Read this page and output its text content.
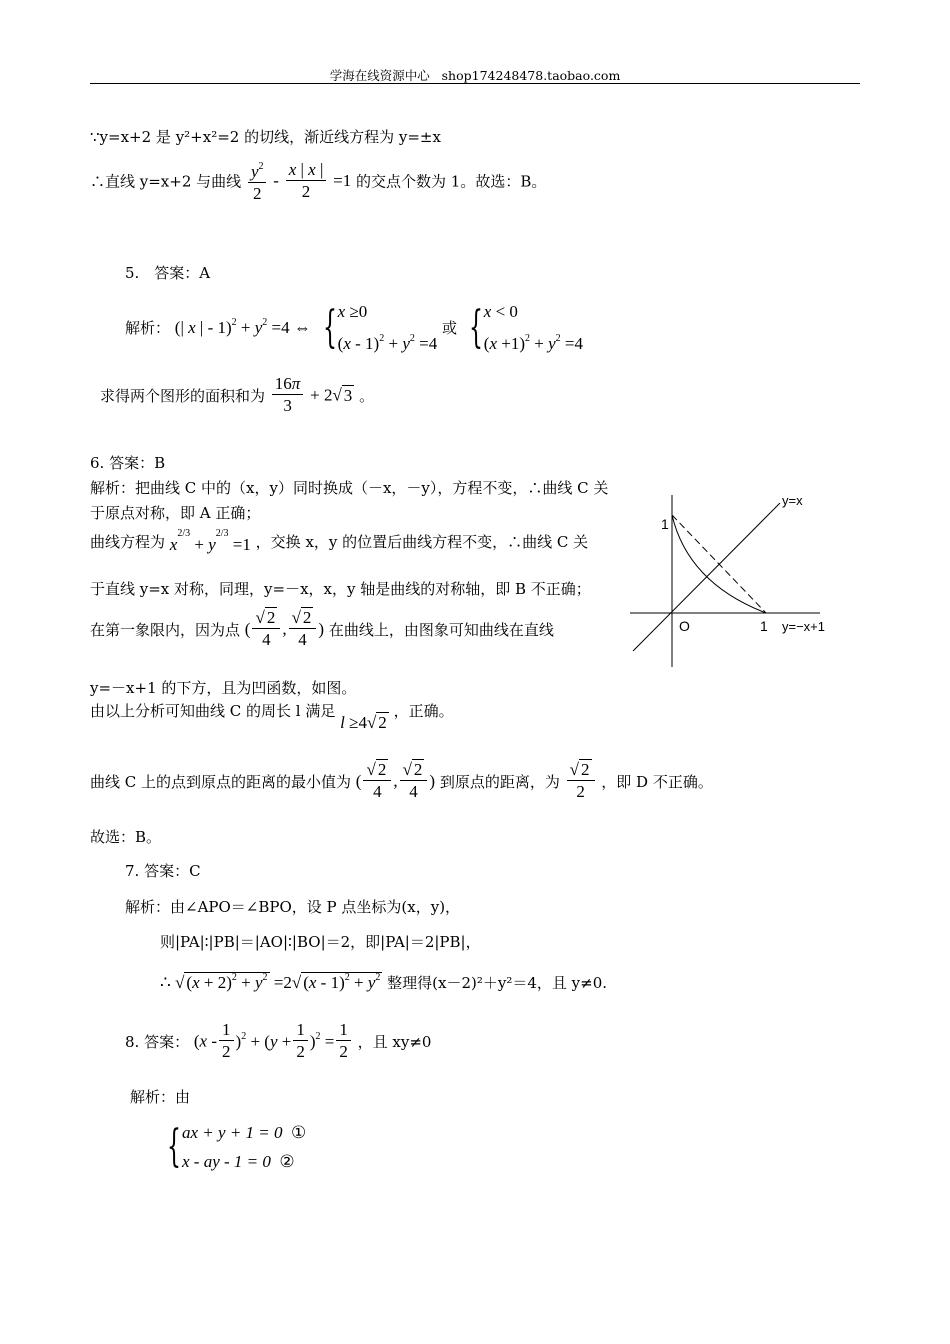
学海在线资源中心 shop174248478.taobao.com
∵y=x+2 是 y²+x²=2 的切线，渐近线方程为 y=±x
∴直线 y=x+2 与曲线 $\frac{y^2}{2} - \frac{x | x |}{2} =1$ 的交点个数为 1。故选：B。
5.　答案：A
解析： (| x | - $1)^2 + y^2 =4$ ⇔ {x ≥0
$(x - 1)^2 + y^2 =4$ 或 {x < 0
$(x +1)^2 + y^2 =4$
求得两个图形的面积和为 $\frac{16\pi}{3} + 2√$ 3 。
6. 答案：B
解析：把曲线 C 中的（x，y）同时换成（－x，－y），方程不变，∴曲线 C 关
于原点对称，即 A 正确；
曲线方程为 $x^{2/3} + y^{2/3} =1$ ，交换 x，y 的位置后曲线方程不变，∴曲线 C 关
于直线 y=x 对称，同理，y=－x，x，y 轴是曲线的对称轴，即 B 不正确；
在第一象限内，因为点 ( $\frac{√ 2}{4}$ , $\frac{√ 2}{4}$ ) 在曲线上，由图象可知曲线在直线
y=－x+1 的下方，且为凹函数，如图。
由以上分析可知曲线 C 的周长 l 满足 l ≥4√ 2 ，正确。
曲线 C 上的点到原点的距离的最小值为 ( $\frac{√ 2}{4}$ , $\frac{√ 2}{4}$ ) 到原点的距离，为 $\frac{√ 2}{2}$ ，即 D 不正确。
故选：B。
y=x
y=−x+1
O	1
1
7. 答案：C
解析：由∠APO＝∠BPO，设 P 点坐标为(x，y)，
则|PA|∶|PB|＝|AO|∶|BO|＝2，即|PA|＝2|PB|，
∴ √ $(x + 2)^2 + y^2 =2√$ $(x - 1)^2 + y^2$ 整理得(x－2)²＋y²＝4，且 y≠0.
8. 答案： $(x - \frac{1}{2} )^2 + (y + \frac{1}{2} )^2 = \frac{1}{2}$ ，且 xy≠0
解析：由
{ax + y + 1 = 0 ①
x - ay - 1 = 0 ②
